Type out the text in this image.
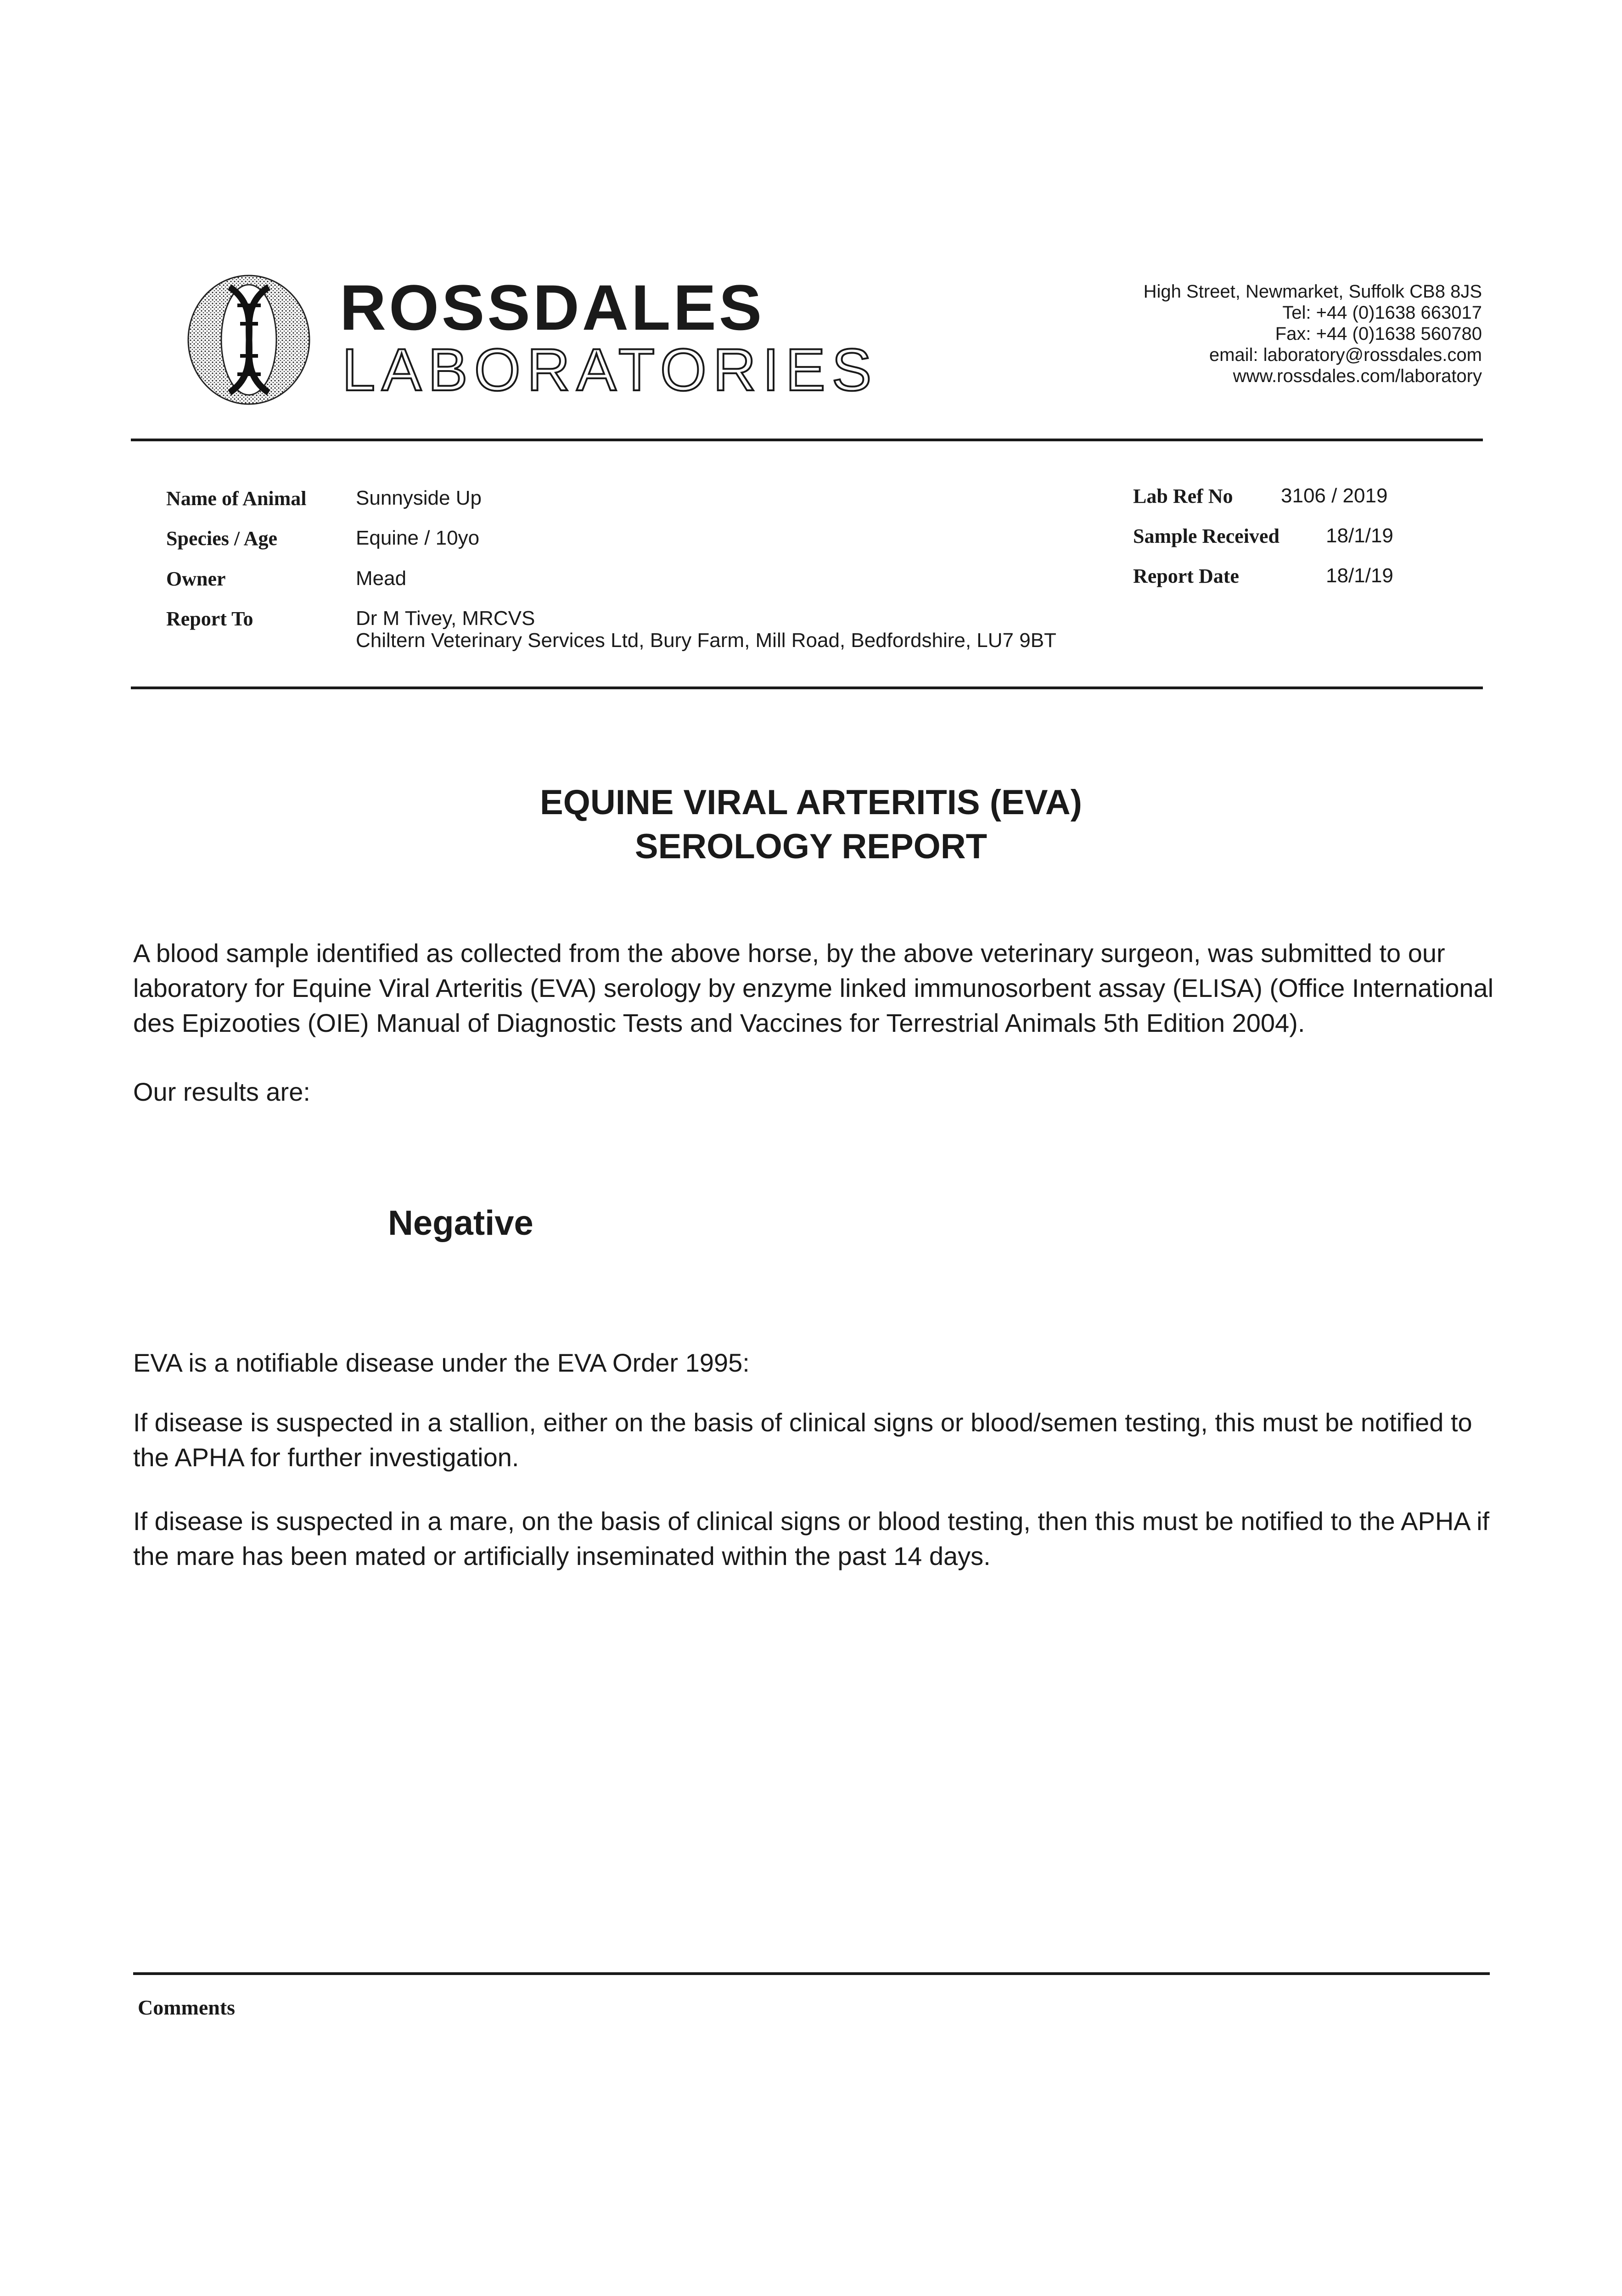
ROSSDALES
LABORATORIES
High Street, Newmarket, Suffolk CB8 8JS
Tel: +44 (0)1638 663017
Fax: +44 (0)1638 560780
email: laboratory@rossdales.com
www.rossdales.com/laboratory
Name of Animal Sunnyside Up
Species / Age	Equine / 10yo
Owner	Mead
Report To	Dr M Tivey, MRCVS
Chiltern Veterinary Services Ltd, Bury Farm, Mill Road, Bedfordshire, LU7 9BT
Lab Ref No 3106 / 2019
Sample Received 18/1/19
Report Date	18/1/19
EQUINE VIRAL ARTERITIS (EVA)
SEROLOGY REPORT
A blood sample identified as collected from the above horse, by the above veterinary surgeon, was submitted to our laboratory for Equine Viral Arteritis (EVA) serology by enzyme linked immunosorbent assay (ELISA) (Office International des Epizooties (OIE) Manual of Diagnostic Tests and Vaccines for Terrestrial Animals 5th Edition 2004).
Our results are:
Negative
EVA is a notifiable disease under the EVA Order 1995:
If disease is suspected in a stallion, either on the basis of clinical signs or blood/semen testing, this must be notified to the APHA for further investigation.
If disease is suspected in a mare, on the basis of clinical signs or blood testing, then this must be notified to the APHA if the mare has been mated or artificially inseminated within the past 14 days.
Comments
